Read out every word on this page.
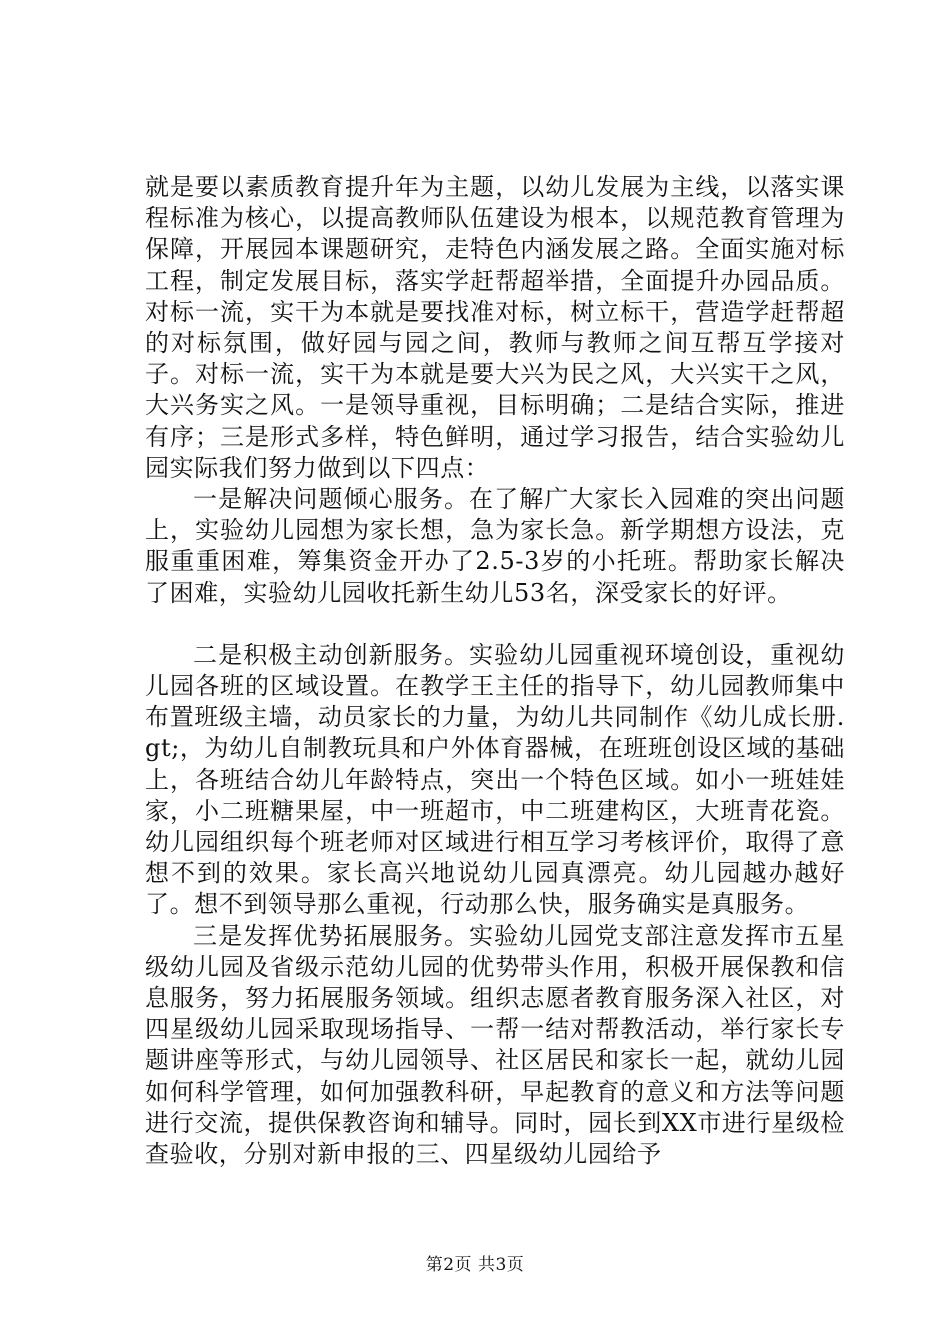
就是要以素质教育提升年为主题，以幼儿发展为主线，以落实课程标准为核心，以提高教师队伍建设为根本，以规范教育管理为保障，开展园本课题研究，走特色内涵发展之路。全面实施对标工程，制定发展目标，落实学赶帮超举措，全面提升办园品质。对标一流，实干为本就是要找准对标，树立标干，营造学赶帮超的对标氛围，做好园与园之间，教师与教师之间互帮互学接对子。对标一流，实干为本就是要大兴为民之风，大兴实干之风，大兴务实之风。一是领导重视，目标明确；二是结合实际，推进有序；三是形式多样，特色鲜明，通过学习报告，结合实验幼儿园实际我们努力做到以下四点：

一是解决问题倾心服务。在了解广大家长入园难的突出问题上，实验幼儿园想为家长想，急为家长急。新学期想方设法，克服重重困难，筹集资金开办了2.5-3岁的小托班。帮助家长解决了困难，实验幼儿园收托新生幼儿53名，深受家长的好评。

二是积极主动创新服务。实验幼儿园重视环境创设，重视幼儿园各班的区域设置。在教学王主任的指导下，幼儿园教师集中布置班级主墙，动员家长的力量，为幼儿共同制作《幼儿成长册.gt;，为幼儿自制教玩具和户外体育器械，在班班创设区域的基础上，各班结合幼儿年龄特点，突出一个特色区域。如小一班娃娃家，小二班糖果屋，中一班超市，中二班建构区，大班青花瓷。幼儿园组织每个班老师对区域进行相互学习考核评价，取得了意想不到的效果。家长高兴地说幼儿园真漂亮。幼儿园越办越好了。想不到领导那么重视，行动那么快，服务确实是真服务。

三是发挥优势拓展服务。实验幼儿园党支部注意发挥市五星级幼儿园及省级示范幼儿园的优势带头作用，积极开展保教和信息服务，努力拓展服务领域。组织志愿者教育服务深入社区，对四星级幼儿园采取现场指导、一帮一结对帮教活动，举行家长专题讲座等形式，与幼儿园领导、社区居民和家长一起，就幼儿园如何科学管理，如何加强教科研，早起教育的意义和方法等问题进行交流，提供保教咨询和辅导。同时，园长到XX市进行星级检查验收，分别对新申报的三、四星级幼儿园给予

第2页 共3页
